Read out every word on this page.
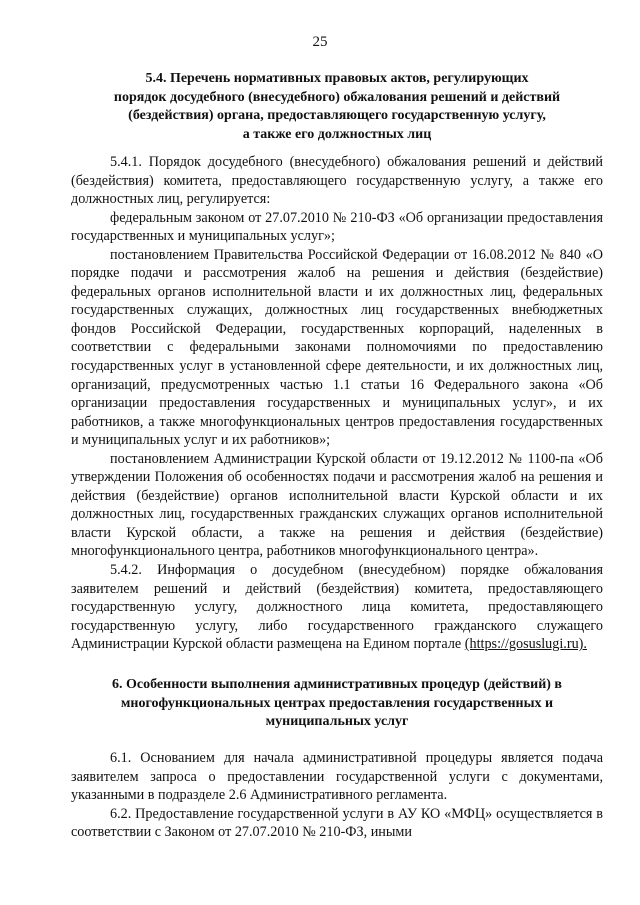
25
5.4. Перечень нормативных правовых актов, регулирующих
порядок досудебного (внесудебного) обжалования решений и действий
(бездействия) органа, предоставляющего государственную услугу,
а также его должностных лиц

5.4.1. Порядок досудебного (внесудебного) обжалования решений и действий (бездействия) комитета, предоставляющего государственную услугу, а также его должностных лиц, регулируется:

федеральным законом от 27.07.2010 № 210-ФЗ «Об организации предоставления государственных и муниципальных услуг»;

постановлением Правительства Российской Федерации от 16.08.2012 № 840 «О порядке подачи и рассмотрения жалоб на решения и действия (бездействие) федеральных органов исполнительной власти и их должностных лиц, федеральных государственных служащих, должностных лиц государственных внебюджетных фондов Российской Федерации, государственных корпораций, наделенных в соответствии с федеральными законами полномочиями по предоставлению государственных услуг в установленной сфере деятельности, и их должностных лиц, организаций, предусмотренных частью 1.1 статьи 16 Федерального закона «Об организации предоставления государственных и муниципальных услуг», и их работников, а также многофункциональных центров предоставления государственных и муниципальных услуг и их работников»;

постановлением Администрации Курской области от 19.12.2012 № 1100-па «Об утверждении Положения об особенностях подачи и рассмотрения жалоб на решения и действия (бездействие) органов исполнительной власти Курской области и их должностных лиц, государственных гражданских служащих органов исполнительной власти Курской области, а также на решения и действия (бездействие) многофункционального центра, работников многофункционального центра».

5.4.2. Информация о досудебном (внесудебном) порядке обжалования заявителем решений и действий (бездействия) комитета, предоставляющего государственную услугу, должностного лица комитета, предоставляющего государственную услугу, либо государственного гражданского служащего Администрации Курской области размещена на Едином портале (https://gosuslugi.ru).

6. Особенности выполнения административных процедур (действий) в
многофункциональных центрах предоставления государственных и
муниципальных услуг

6.1. Основанием для начала административной процедуры является подача заявителем запроса о предоставлении государственной услуги с документами, указанными в подразделе 2.6 Административного регламента.

6.2. Предоставление государственной услуги в АУ КО «МФЦ» осуществляется в соответствии с Законом от 27.07.2010 № 210-ФЗ, иными
